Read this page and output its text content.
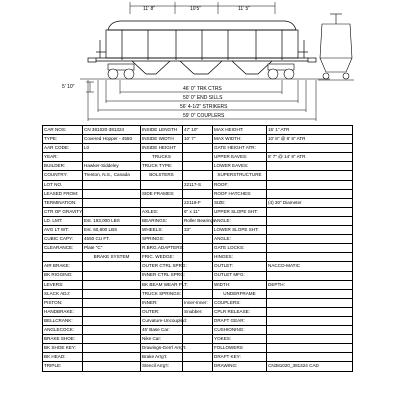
11' 8"	10'5"	11' 5"
5' 10"	46' 0" TRK CTRS
50' 0" END SILLS
56' 4-1/2" STRIKERS
59' 0" COUPLERS
CAR NOS:	CN 381020-381324	INSIDE LENGTH	47' 10"	MAX HEIGHT:	15' 1" ATR
TYPE:	Covered Hopper - 4550	INSIDE WIDTH	10' 7"	MAX WIDTH:	10' 8" @ 8' 8" ATR
AAR CODE:	L0	INSIDE HEIGHT		GATE HEIGHT ATR:	
YEAR:		TRUCKS		UPPER EAVES:	8' 7" @ 14' 8" ATR
BUILDER:	Hawker-Siddeley	TRUCK TYPE:		LOWER EAVES:	
COUNTRY:	Trenton, N.S., Canada	BOLSTERS		SUPERSTRUCTURE	
LOT NO.			22117-S	ROOF:	
LEASED FROM:		SIDE FRAMES:		ROOF HATCHES:	
TERMINATION:			22118-F	SIZE:	(4) 30" Diameter
CTR OF GRAVITY:		AXLES:	6" x 11"	UPPER SLOPE SHT:	
LD. LMT:	Est. 193,000 LBS	BEARINGS:	Roller Bearings	ANGLE:	
AVG LT WT:	Est. 60,800 LBS	WHEELS:	33"	LOWER SLOPE SHT:	
CUBIC CAPY:	4550 CU FT.	SPRINGS:		ANGLE:	
CLEARANCE:	Plate "C"	R.BRG.ADAPTERS:		GATE LOCKS:	
	BRAKE SYSTEM	FRIC. WEDGE:		HINGES:	
AIR BRAKE:		OUTER CTRL SPRG:		OUTLET:	NACCO-MATIC
BK RIGGING:		INNER CTRL SPRG:		OUTLET MFG:	
LEVERS:		BK BEAM WEAR PLT:		WIDTH:	DEPTH:
SLACK ADJ:		TRUCK SPRINGS:		UNDERFRAME	
PISTON:		INNER:	Inner-Inner:	COUPLERS:	
HANDBRAKE:		OUTER:	Snubber:	CPLR RELEASE:	
BELLCRANK:		Curvature-Uncoupled:		DRAFT GEAR:	
ANGLECOCK:		45' Base Car:		CUSHIONING:	
BRAKE SHOE:		Nike Car:		YOKES:	
BK SHOE KEY:		Drawings-Gen'l Arrg't:		FOLLOWERS	
BK HEAD:		Brake Arrg't:		DRAFT KEY:	
TRIPLE:		Stencil Arrg't:		DRAWING:	CN381020_381324 CAD
